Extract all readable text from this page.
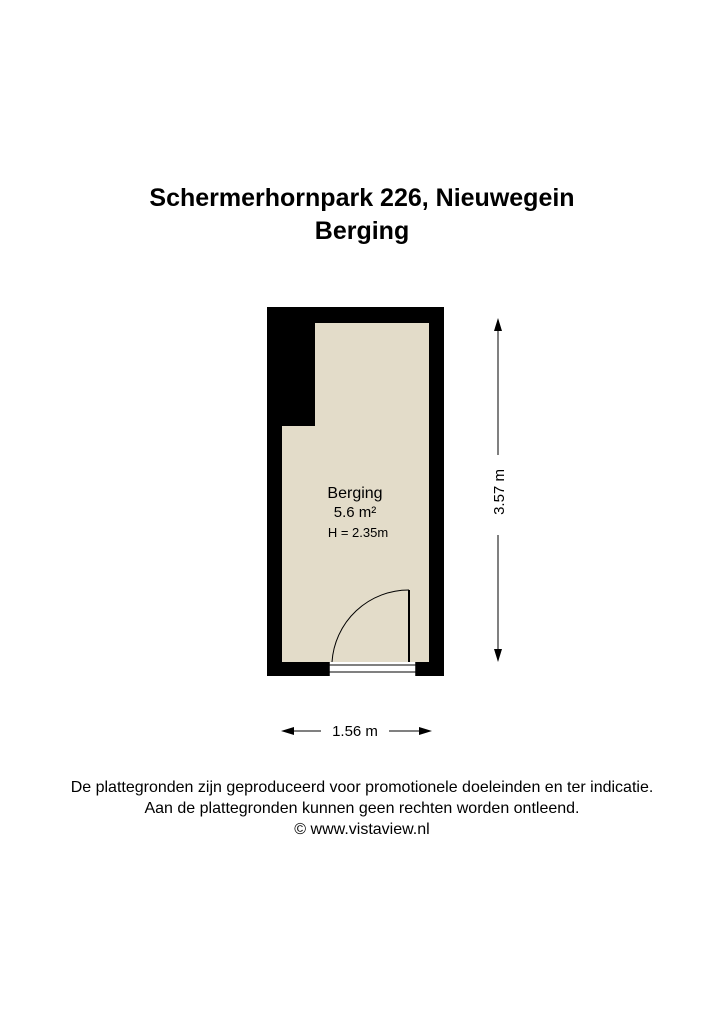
Schermerhornpark 226, Nieuwegein
Berging
Berging
5.6 m²
H = 2.35m
3.57 m
1.56 m

De plattegronden zijn geproduceerd voor promotionele doeleinden en ter indicatie.

Aan de plattegronden kunnen geen rechten worden ontleend.

© www.vistaview.nl
